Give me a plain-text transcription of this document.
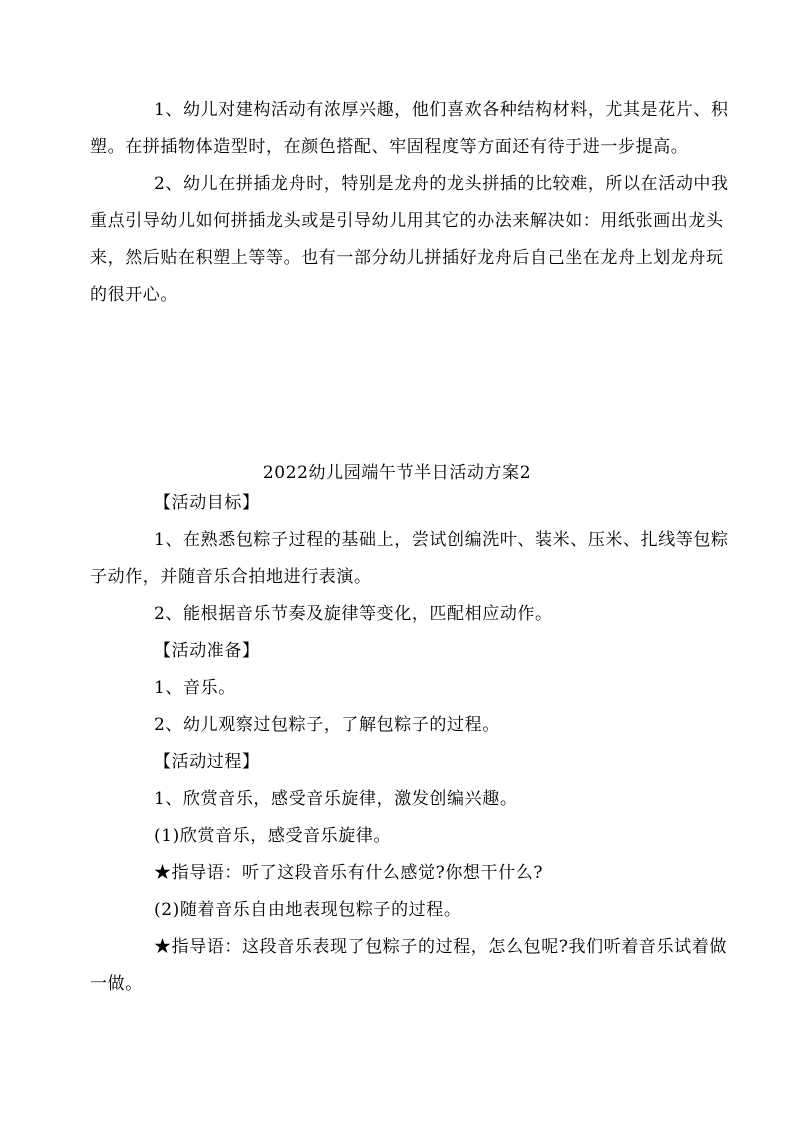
1、幼儿对建构活动有浓厚兴趣，他们喜欢各种结构材料，尤其是花片、积塑。在拼插物体造型时，在颜色搭配、牢固程度等方面还有待于进一步提高。

2、幼儿在拼插龙舟时，特别是龙舟的龙头拼插的比较难，所以在活动中我重点引导幼儿如何拼插龙头或是引导幼儿用其它的办法来解决如：用纸张画出龙头来，然后贴在积塑上等等。也有一部分幼儿拼插好龙舟后自己坐在龙舟上划龙舟玩的很开心。

2022幼儿园端午节半日活动方案2

【活动目标】

1、在熟悉包粽子过程的基础上，尝试创编洗叶、装米、压米、扎线等包粽子动作，并随音乐合拍地进行表演。

2、能根据音乐节奏及旋律等变化，匹配相应动作。

【活动准备】

1、音乐。

2、幼儿观察过包粽子，了解包粽子的过程。

【活动过程】

1、欣赏音乐，感受音乐旋律，激发创编兴趣。

(1)欣赏音乐，感受音乐旋律。

★指导语：听了这段音乐有什么感觉?你想干什么?

(2)随着音乐自由地表现包粽子的过程。

★指导语：这段音乐表现了包粽子的过程，怎么包呢?我们听着音乐试着做一做。
